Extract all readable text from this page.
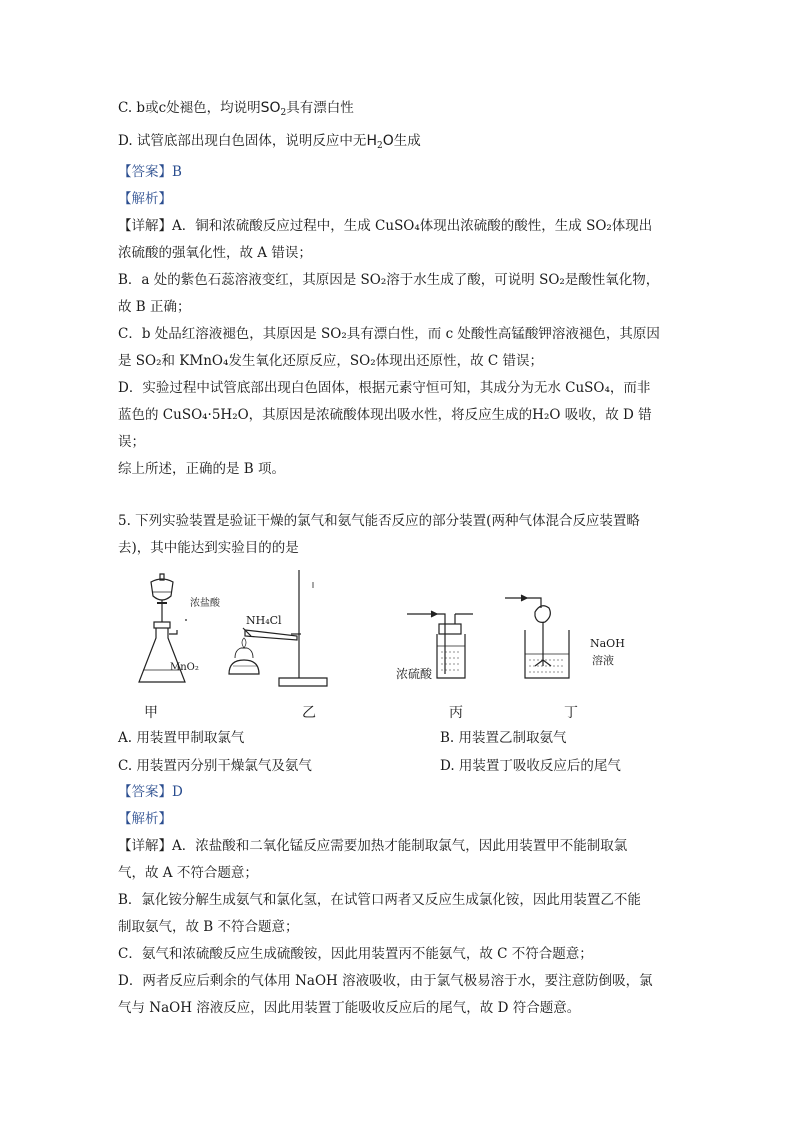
C. b或c处褪色，均说明$SO_2$具有漂白性
D. 试管底部出现白色固体，说明反应中无$H_2O$生成
【答案】B
【解析】
【详解】A．铜和浓硫酸反应过程中，生成 CuSO₄体现出浓硫酸的酸性，生成 SO₂体现出
浓硫酸的强氧化性，故 A 错误；
B．a 处的紫色石蕊溶液变红，其原因是 SO₂溶于水生成了酸，可说明 SO₂是酸性氧化物，
故 B 正确；
C．b 处品红溶液褪色，其原因是 SO₂具有漂白性，而 c 处酸性高锰酸钾溶液褪色，其原因
是 SO₂和 KMnO₄发生氧化还原反应，SO₂体现出还原性，故 C 错误；
D．实验过程中试管底部出现白色固体，根据元素守恒可知，其成分为无水 CuSO₄，而非
蓝色的 CuSO₄·5H₂O，其原因是浓硫酸体现出吸水性，将反应生成的H₂O 吸收，故 D 错
误；
综上所述，正确的是 B 项。
5. 下列实验装置是验证干燥的氯气和氨气能否反应的部分装置(两种气体混合反应装置略
去)，其中能达到实验目的的是
浓盐酸
MnO₂
NH₄Cl
浓硫酸
NaOH
溶液
甲	乙	丙	丁
A. 用装置甲制取氯气	B. 用装置乙制取氨气
C. 用装置丙分别干燥氯气及氨气	D. 用装置丁吸收反应后的尾气
【答案】D
【解析】
【详解】A．浓盐酸和二氧化锰反应需要加热才能制取氯气，因此用装置甲不能制取氯
气，故 A 不符合题意；
B．氯化铵分解生成氨气和氯化氢，在试管口两者又反应生成氯化铵，因此用装置乙不能
制取氨气，故 B 不符合题意；
C．氨气和浓硫酸反应生成硫酸铵，因此用装置丙不能氨气，故 C 不符合题意；
D．两者反应后剩余的气体用 NaOH 溶液吸收，由于氯气极易溶于水，要注意防倒吸，氯
气与 NaOH 溶液反应，因此用装置丁能吸收反应后的尾气，故 D 符合题意。
